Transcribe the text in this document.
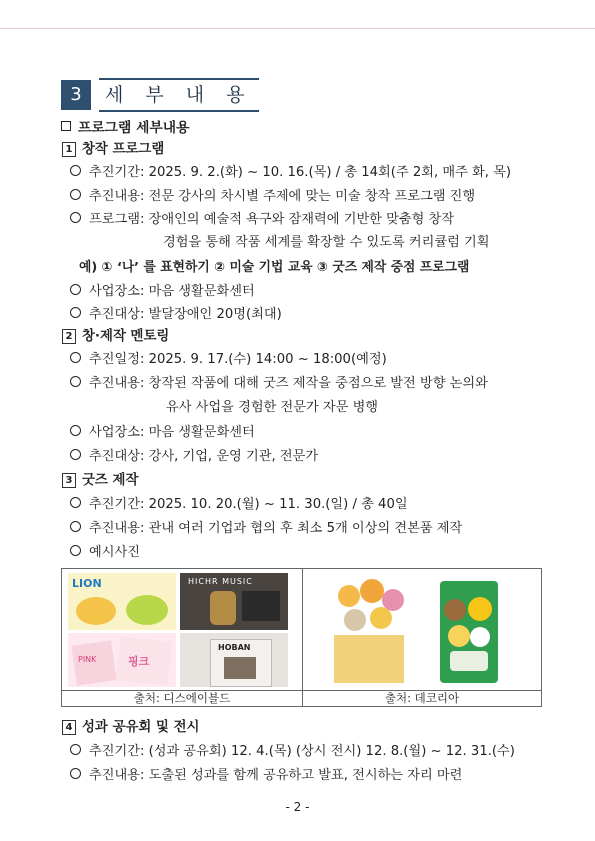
3	세 부 내 용
프로그램 세부내용
1 창작 프로그램
추진기간: 2025. 9. 2.(화) ~ 10. 16.(목) / 총 14회(주 2회, 매주 화, 목)
추진내용: 전문 강사의 차시별 주제에 맞는 미술 창작 프로그램 진행
프로그램: 장애인의 예술적 욕구와 잠재력에 기반한 맞춤형 창작
경험을 통해 작품 세계를 확장할 수 있도록 커리큘럼 기획
예) ① ‘나’ 를 표현하기 ② 미술 기법 교육 ③ 굿즈 제작 중점 프로그램
사업장소: 마음 생활문화센터
추진대상: 발달장애인 20명(최대)
2 창·제작 멘토링
추진일정: 2025. 9. 17.(수) 14:00 ~ 18:00(예정)
추진내용: 창작된 작품에 대해 굿즈 제작을 중점으로 발전 방향 논의와
유사 사업을 경험한 전문가 자문 병행
사업장소: 마음 생활문화센터
추진대상: 강사, 기업, 운영 기관, 전문가
3 굿즈 제작
추진기간: 2025. 10. 20.(월) ~ 11. 30.(일) / 총 40일
추진내용: 관내 여러 기업과 협의 후 최소 5개 이상의 견본품 제작
예시사진
LION	HICHR MUSIC
PINK	핑크
HOBAN
출처: 디스에이블드	출처: 데코리아
4 성과 공유회 및 전시
추진기간: (성과 공유회) 12. 4.(목) (상시 전시) 12. 8.(월) ~ 12. 31.(수)
추진내용: 도출된 성과를 함께 공유하고 발표, 전시하는 자리 마련
- 2 -
